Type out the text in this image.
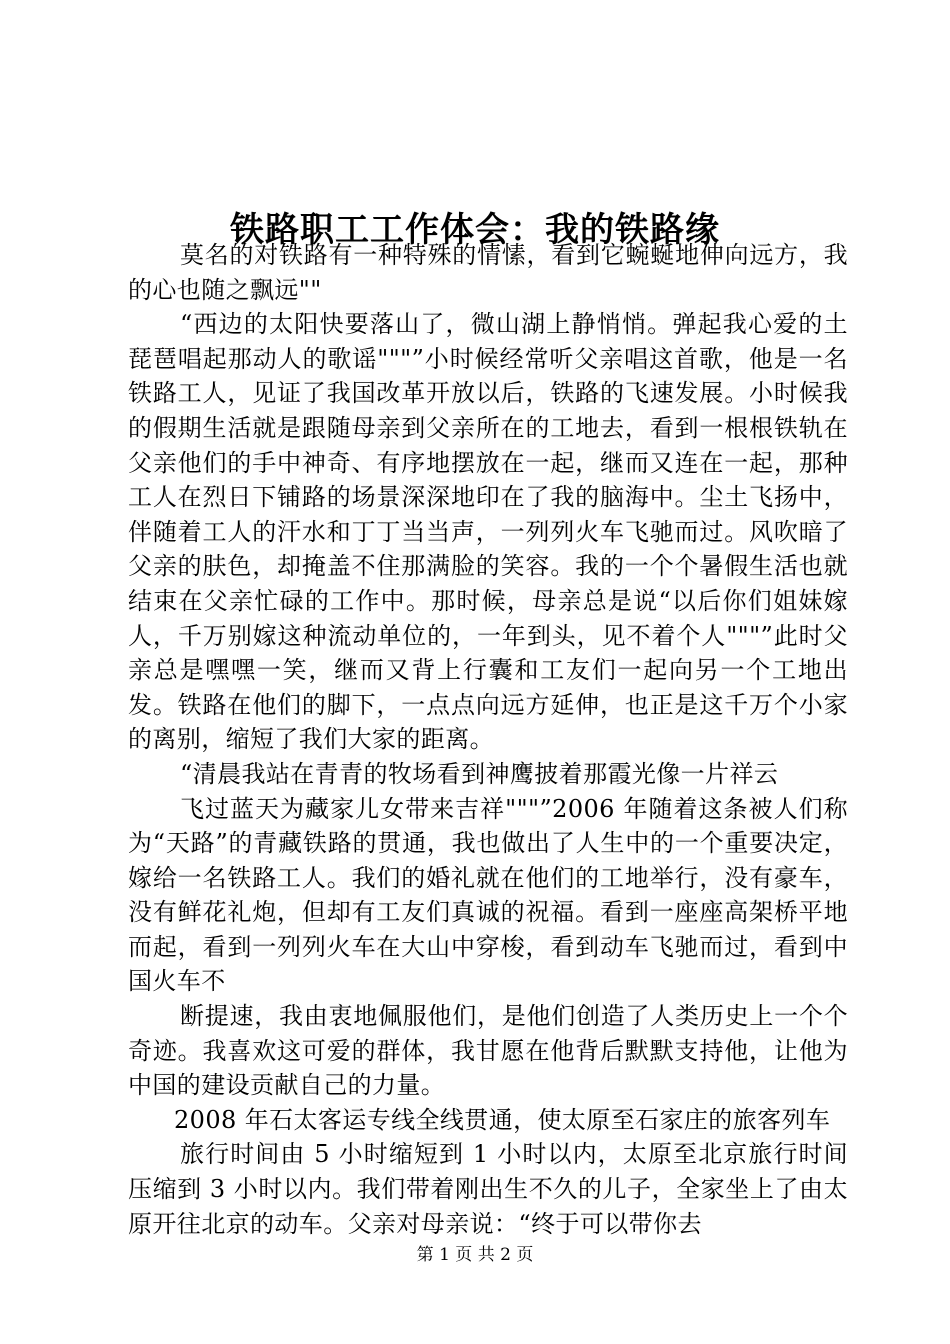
铁路职工工作体会：我的铁路缘

莫名的对铁路有一种特殊的情愫，看到它蜿蜒地伸向远方，我的心也随之飘远""

“西边的太阳快要落山了，微山湖上静悄悄。弹起我心爱的土琵琶唱起那动人的歌谣"""”小时候经常听父亲唱这首歌，他是一名铁路工人，见证了我国改革开放以后，铁路的飞速发展。小时候我的假期生活就是跟随母亲到父亲所在的工地去，看到一根根铁轨在父亲他们的手中神奇、有序地摆放在一起，继而又连在一起，那种工人在烈日下铺路的场景深深地印在了我的脑海中。尘土飞扬中，伴随着工人的汗水和丁丁当当声，一列列火车飞驰而过。风吹暗了父亲的肤色，却掩盖不住那满脸的笑容。我的一个个暑假生活也就结束在父亲忙碌的工作中。那时候，母亲总是说“以后你们姐妹嫁人，千万别嫁这种流动单位的，一年到头，见不着个人"""”此时父亲总是嘿嘿一笑，继而又背上行囊和工友们一起向另一个工地出发。铁路在他们的脚下，一点点向远方延伸，也正是这千万个小家的离别，缩短了我们大家的距离。

“清晨我站在青青的牧场看到神鹰披着那霞光像一片祥云

飞过蓝天为藏家儿女带来吉祥"""”2006 年随着这条被人们称为“天路”的青藏铁路的贯通，我也做出了人生中的一个重要决定，嫁给一名铁路工人。我们的婚礼就在他们的工地举行，没有豪车，没有鲜花礼炮，但却有工友们真诚的祝福。看到一座座高架桥平地而起，看到一列列火车在大山中穿梭，看到动车飞驰而过，看到中国火车不

断提速，我由衷地佩服他们，是他们创造了人类历史上一个个奇迹。我喜欢这可爱的群体，我甘愿在他背后默默支持他，让他为中国的建设贡献自己的力量。

2008 年石太客运专线全线贯通，使太原至石家庄的旅客列车

旅行时间由 5 小时缩短到 1 小时以内，太原至北京旅行时间压缩到 3 小时以内。我们带着刚出生不久的儿子，全家坐上了由太原开往北京的动车。父亲对母亲说：“终于可以带你去

第 1 页 共 2 页
